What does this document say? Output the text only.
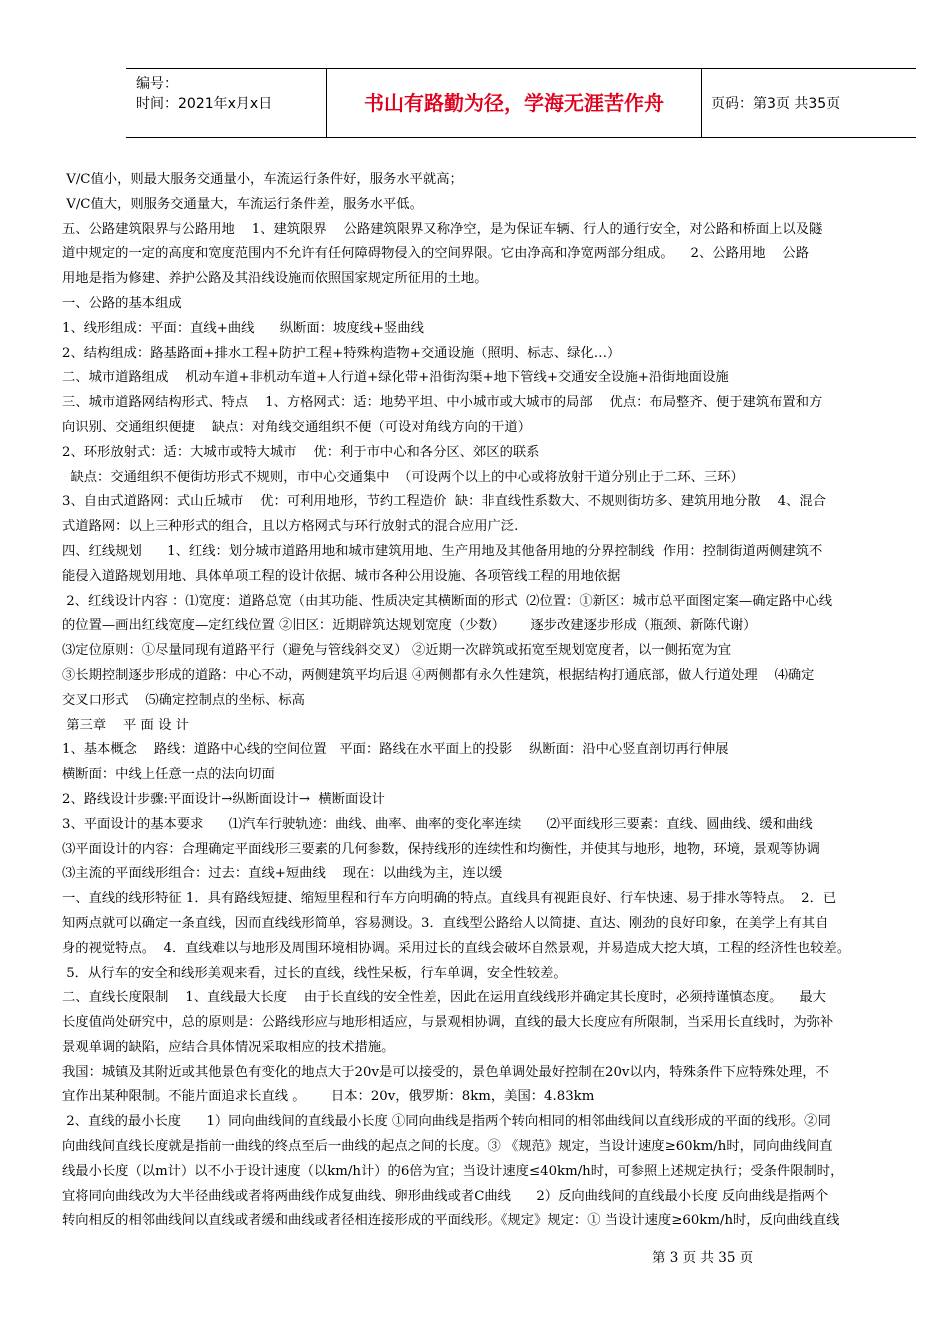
编号：
时间：2021年x月x日	书山有路勤为径，学海无涯苦作舟	页码：第3页 共35页

V/C值小，则最大服务交通量小，车流运行条件好，服务水平就高；

V/C值大，则服务交通量大，车流运行条件差，服务水平低。

五、公路建筑限界与公路用地    1、建筑限界    公路建筑限界又称净空，是为保证车辆、行人的通行安全，对公路和桥面上以及隧

道中规定的一定的高度和宽度范围内不允许有任何障碍物侵入的空间界限。它由净高和净宽两部分组成。    2、公路用地    公路

用地是指为修建、养护公路及其沿线设施而依照国家规定所征用的土地。

一、公路的基本组成

1、线形组成：平面：直线+曲线      纵断面：坡度线+竖曲线

2、结构组成：路基路面+排水工程+防护工程+特殊构造物+交通设施（照明、标志、绿化…）

二、城市道路组成    机动车道+非机动车道+人行道+绿化带+沿街沟渠+地下管线+交通安全设施+沿街地面设施

三、城市道路网结构形式、特点    1、方格网式：适：地势平坦、中小城市或大城市的局部    优点：布局整齐、便于建筑布置和方

向识别、交通组织便捷    缺点：对角线交通组织不便（可设对角线方向的干道）

2、环形放射式：适：大城市或特大城市    优：利于市中心和各分区、郊区的联系

缺点：交通组织不便街坊形式不规则，市中心交通集中  （可设两个以上的中心或将放射干道分别止于二环、三环）

3、自由式道路网：式山丘城市    优：可利用地形，节约工程造价  缺：非直线性系数大、不规则街坊多、建筑用地分散    4、混合

式道路网：以上三种形式的组合，且以方格网式与环行放射式的混合应用广泛.

四、红线规划      1、红线：划分城市道路用地和城市建筑用地、生产用地及其他备用地的分界控制线  作用：控制街道两侧建筑不

能侵入道路规划用地、具体单项工程的设计依据、城市各种公用设施、各项管线工程的用地依据

2、红线设计内容 ：⑴宽度：道路总宽（由其功能、性质决定其横断面的形式  ⑵位置：①新区：城市总平面图定案—确定路中心线

的位置—画出红线宽度—定红线位置 ②旧区：近期辟筑达规划宽度（少数）      逐步改建逐步形成（瓶颈、新陈代谢）

⑶定位原则：①尽量同现有道路平行（避免与管线斜交叉） ②近期一次辟筑或拓宽至规划宽度者，以一侧拓宽为宜

③长期控制逐步形成的道路：中心不动，两侧建筑平均后退 ④两侧都有永久性建筑，根据结构打通底部，做人行道处理    ⑷确定

交叉口形式    ⑸确定控制点的坐标、标高

第三章    平 面 设 计

1、基本概念    路线：道路中心线的空间位置   平面：路线在水平面上的投影    纵断面：沿中心竖直剖切再行伸展

横断面：中线上任意一点的法向切面

2、路线设计步骤:平面设计→纵断面设计→  横断面设计

3、平面设计的基本要求      ⑴汽车行驶轨迹：曲线、曲率、曲率的变化率连续      ⑵平面线形三要素：直线、圆曲线、缓和曲线

⑶平面设计的内容：合理确定平面线形三要素的几何参数，保持线形的连续性和均衡性，并使其与地形，地物，环境，景观等协调

⑶主流的平面线形组合：过去：直线+短曲线    现在：以曲线为主，连以缓

一、直线的线形特征 1．具有路线短捷、缩短里程和行车方向明确的特点。直线具有视距良好、行车快速、易于排水等特点。  2．已

知两点就可以确定一条直线，因而直线线形简单，容易测设。3．直线型公路给人以简捷、直达、刚劲的良好印象，在美学上有其自

身的视觉特点。  4．直线难以与地形及周围环境相协调。采用过长的直线会破坏自然景观，并易造成大挖大填，工程的经济性也较差。

5．从行车的安全和线形美观来看，过长的直线，线性呆板，行车单调，安全性较差。

二、直线长度限制    1、直线最大长度    由于长直线的安全性差，因此在运用直线线形并确定其长度时，必须持谨慎态度。    最大

长度值尚处研究中，总的原则是：公路线形应与地形相适应，与景观相协调，直线的最大长度应有所限制，当采用长直线时，为弥补

景观单调的缺陷，应结合具体情况采取相应的技术措施。

我国：城镇及其附近或其他景色有变化的地点大于20v是可以接受的，景色单调处最好控制在20v以内，特殊条件下应特殊处理，不

宜作出某种限制。不能片面追求长直线 。      日本：20v，俄罗斯：8km，美国：4.83km

2、直线的最小长度      1）同向曲线间的直线最小长度 ①同向曲线是指两个转向相同的相邻曲线间以直线形成的平面的线形。②同

向曲线间直线长度就是指前一曲线的终点至后一曲线的起点之间的长度。③ 《规范》规定，当设计速度≥60km/h时，同向曲线间直

线最小长度（以m计）以不小于设计速度（以km/h计）的6倍为宜；当设计速度≤40km/h时，可参照上述规定执行；受条件限制时，

宜将同向曲线改为大半径曲线或者将两曲线作成复曲线、卵形曲线或者C曲线      2）反向曲线间的直线最小长度 反向曲线是指两个

转向相反的相邻曲线间以直线或者缓和曲线或者径相连接形成的平面线形。《规定》规定：① 当设计速度≥60km/h时，反向曲线直线

第 3 页 共 35 页
